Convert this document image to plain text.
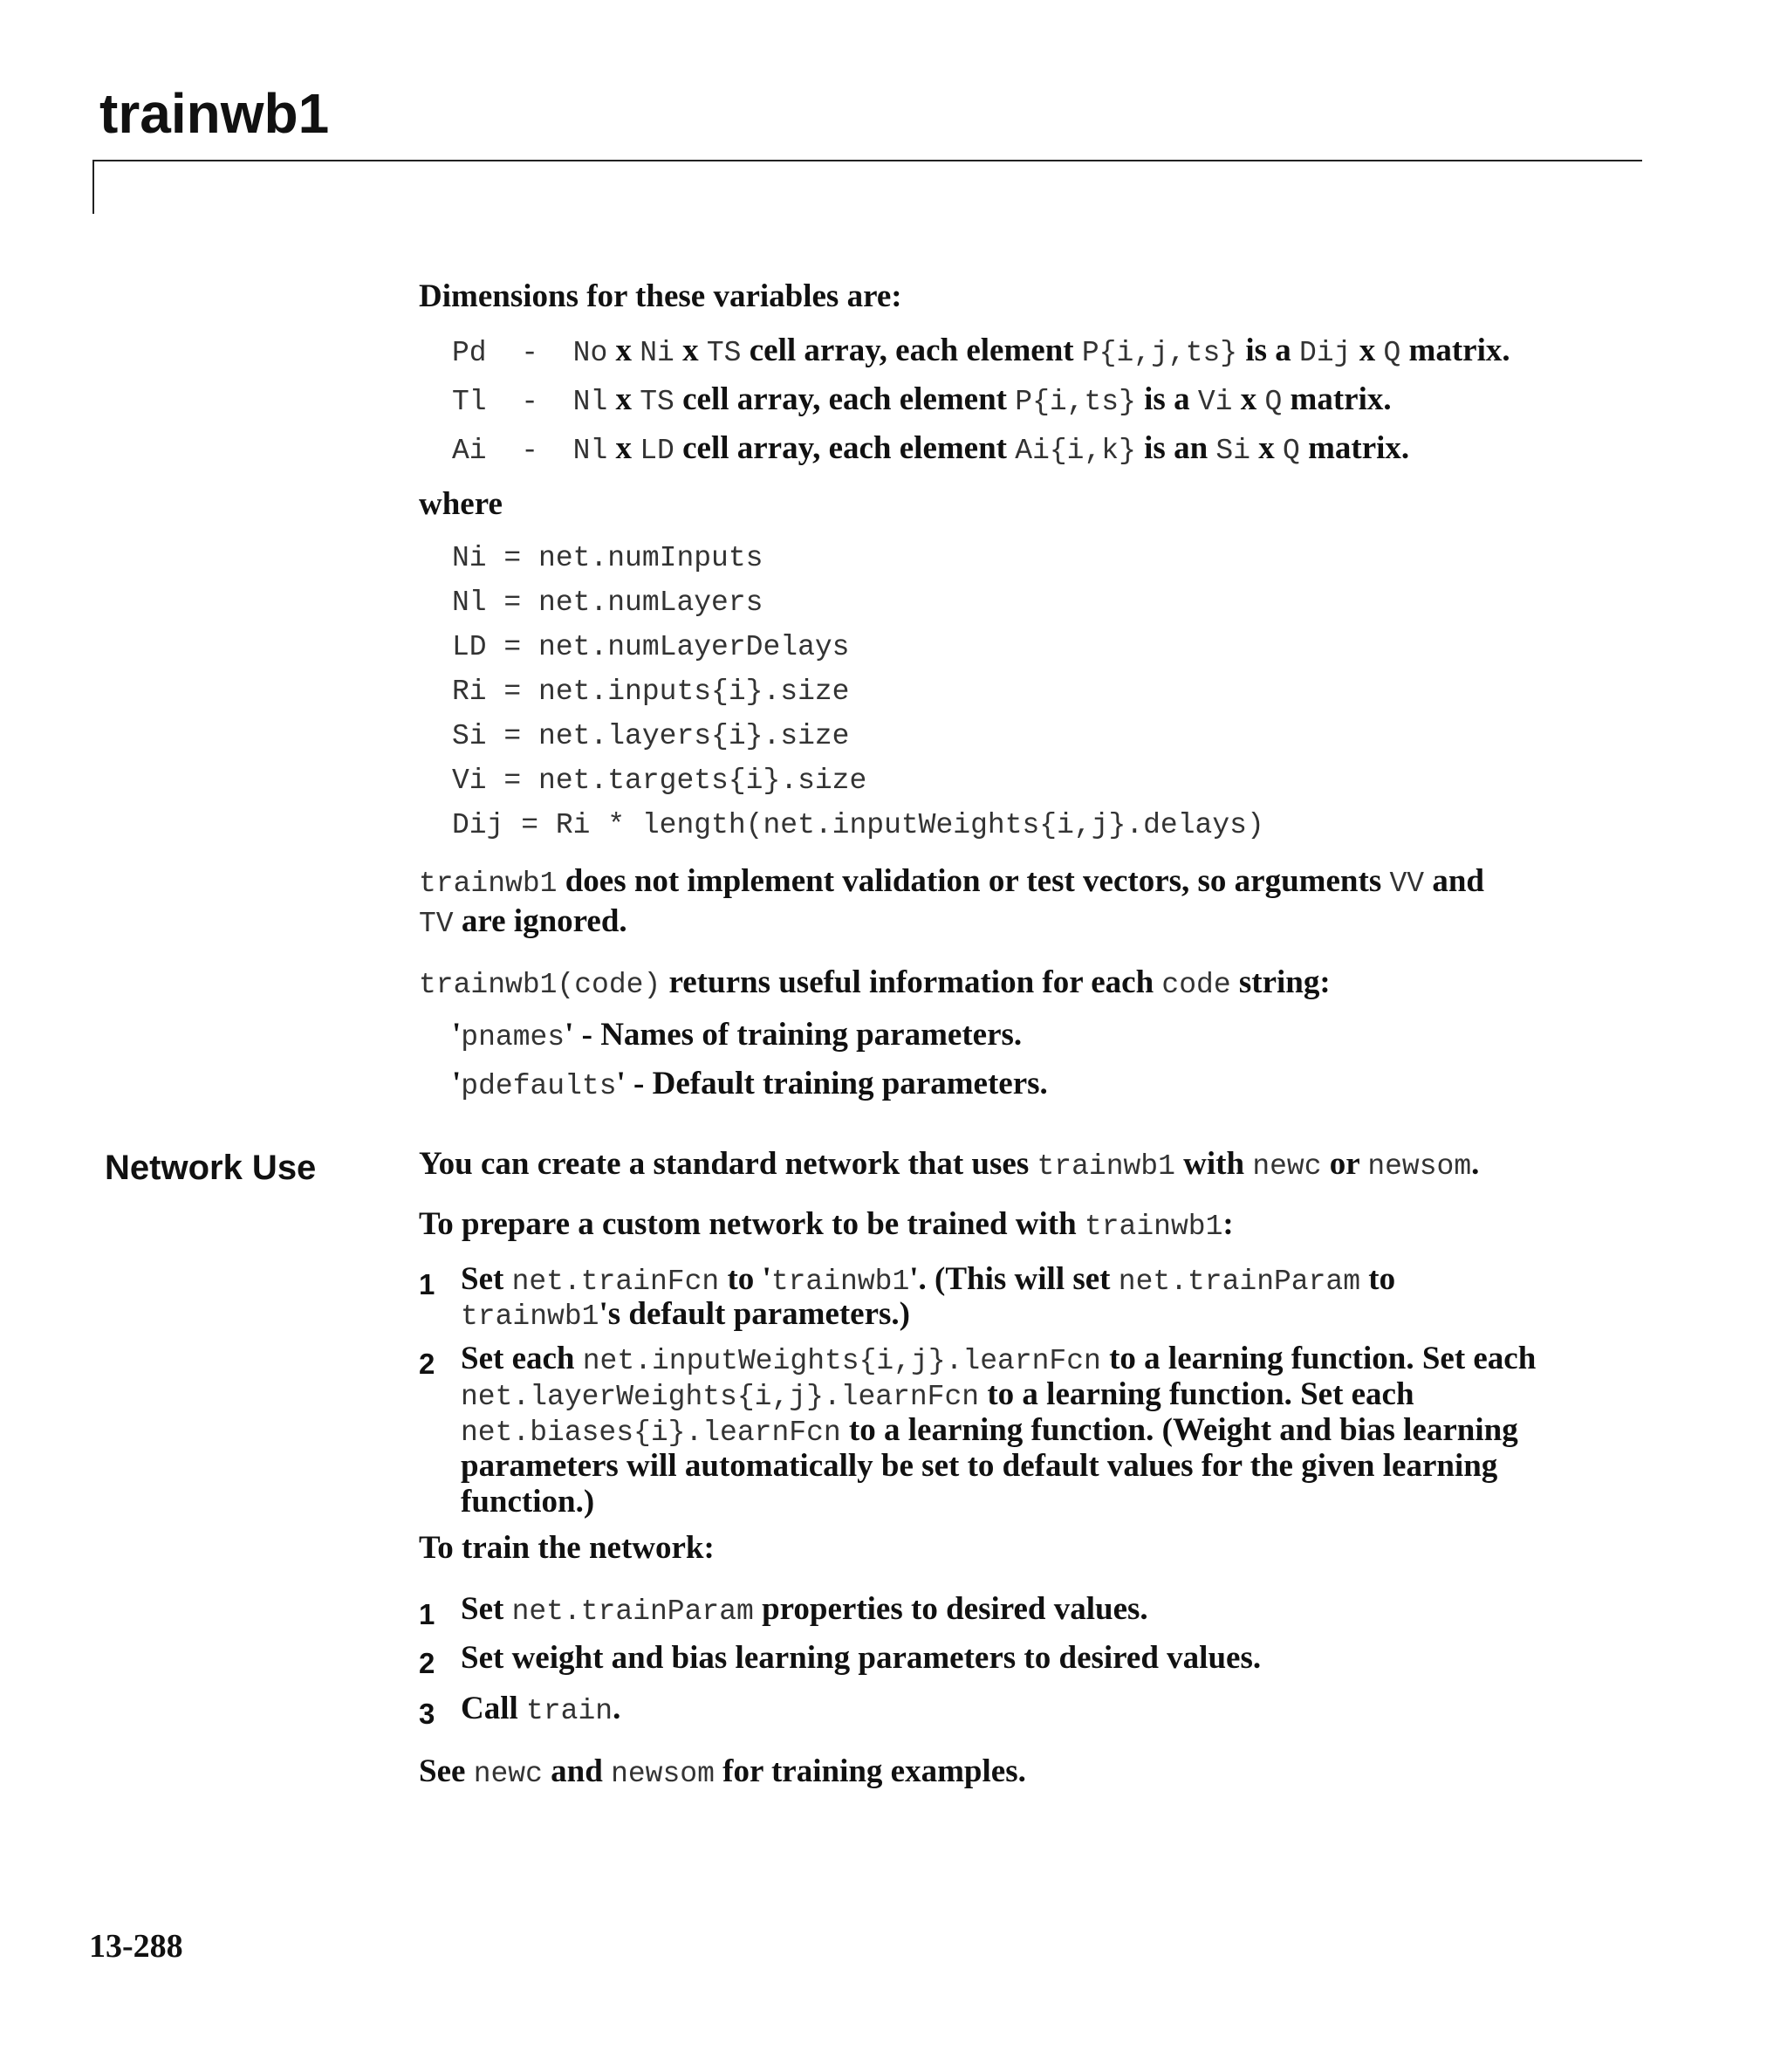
trainwb1

Dimensions for these variables are:

Pd - No x Ni x TS cell array, each element P{i,j,ts} is a Dij x Q matrix.

Tl - Nl x TS cell array, each element P{i,ts} is a Vi x Q matrix.

Ai - Nl x LD cell array, each element Ai{i,k} is an Si x Q matrix.

where

Ni = net.numInputs
Nl = net.numLayers
LD = net.numLayerDelays
Ri = net.inputs{i}.size
Si = net.layers{i}.size
Vi = net.targets{i}.size
Dij = Ri * length(net.inputWeights{i,j}.delays)

trainwb1 does not implement validation or test vectors, so arguments VV and

TV are ignored.

trainwb1(code) returns useful information for each code string:

'pnames' - Names of training parameters.

'pdefaults' - Default training parameters.

You can create a standard network that uses trainwb1 with newc or newsom.

To prepare a custom network to be trained with trainwb1:

1 Set net.trainFcn to 'trainwb1'. (This will set net.trainParam to

trainwb1's default parameters.)

2 Set each net.inputWeights{i,j}.learnFcn to a learning function. Set each

net.layerWeights{i,j}.learnFcn to a learning function. Set each

net.biases{i}.learnFcn to a learning function. (Weight and bias learning

parameters will automatically be set to default values for the given learning

function.)

To train the network:

1 Set net.trainParam properties to desired values.

2 Set weight and bias learning parameters to desired values.

3 Call train.

See newc and newsom for training examples.

Network Use
13-288
